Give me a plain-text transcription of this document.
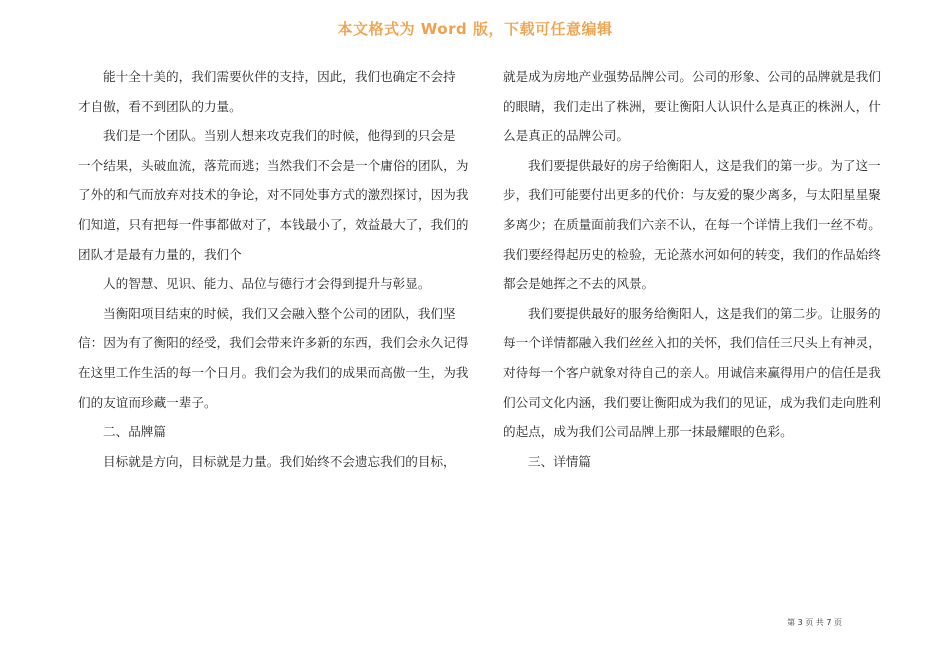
本文格式为 Word 版，下载可任意编辑
能十全十美的，我们需要伙伴的支持，因此，我们也确定不会持
才自傲，看不到团队的力量。
我们是一个团队。当别人想来攻克我们的时候，他得到的只会是
一个结果，头破血流，落荒而逃；当然我们不会是一个庸俗的团队，为
了外的和气而放弃对技术的争论，对不同处事方式的激烈探讨，因为我
们知道，只有把每一件事都做对了，本钱最小了，效益最大了，我们的
团队才是最有力量的，我们个
人的智慧、见识、能力、品位与德行才会得到提升与彰显。
当衡阳项目结束的时候，我们又会融入整个公司的团队，我们坚
信：因为有了衡阳的经受，我们会带来许多新的东西，我们会永久记得
在这里工作生活的每一个日月。我们会为我们的成果而高傲一生，为我
们的友谊而珍藏一辈子。
二、品牌篇
目标就是方向，目标就是力量。我们始终不会遗忘我们的目标，
就是成为房地产业强势品牌公司。公司的形象、公司的品牌就是我们
的眼睛，我们走出了株洲，要让衡阳人认识什么是真正的株洲人，什
么是真正的品牌公司。
我们要提供最好的房子给衡阳人，这是我们的第一步。为了这一
步，我们可能要付出更多的代价：与友爱的聚少离多，与太阳星星聚
多离少；在质量面前我们六亲不认，在每一个详情上我们一丝不苟。
我们要经得起历史的检验，无论蒸水河如何的转变，我们的作品始终
都会是她挥之不去的风景。
我们要提供最好的服务给衡阳人，这是我们的第二步。让服务的
每一个详情都融入我们丝丝入扣的关怀，我们信任三尺头上有神灵，
对待每一个客户就象对待自己的亲人。用诚信来赢得用户的信任是我
们公司文化内涵，我们要让衡阳成为我们的见证，成为我们走向胜利
的起点，成为我们公司品牌上那一抹最耀眼的色彩。
三、详情篇
第 3 页 共 7 页
